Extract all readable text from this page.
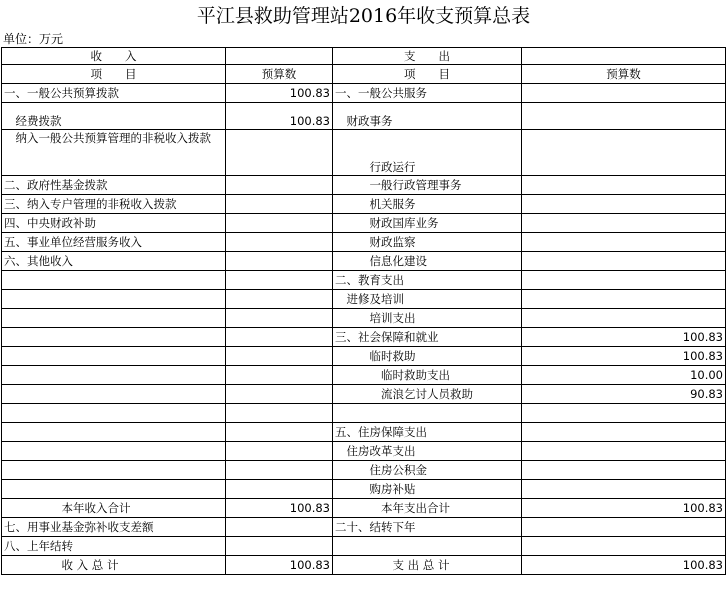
平江县救助管理站2016年收支预算总表
单位：万元
收　　入		支　　出	
项　　目	预算数	项　　目	预算数
一、一般公共预算拨款	100.83	一、一般公共服务	
　经费拨款	100.83	　财政事务	
　纳入一般公共预算管理的非税收入拨款		　　　行政运行	
二、政府性基金拨款		　　　一般行政管理事务	
三、纳入专户管理的非税收入拨款		　　　机关服务	
四、中央财政补助		　　　财政国库业务	
五、事业单位经营服务收入		　　　财政监察	
六、其他收入		　　　信息化建设	
		二、教育支出	
		　进修及培训	
		　　　培训支出	
		三、社会保障和就业	100.83
		　　　临时救助	100.83
		　　　　临时救助支出	10.00
		　　　　流浪乞讨人员救助	90.83

		五、住房保障支出	
		　住房改革支出	
		　　　住房公积金	
		　　　购房补贴	
　　　　　本年收入合计	100.83	　　　　本年支出合计	100.83
七、用事业基金弥补收支差额		二十、结转下年	
八、上年结转			
　　　　　收 入 总 计	100.83	　　　　　支 出 总 计	100.83
